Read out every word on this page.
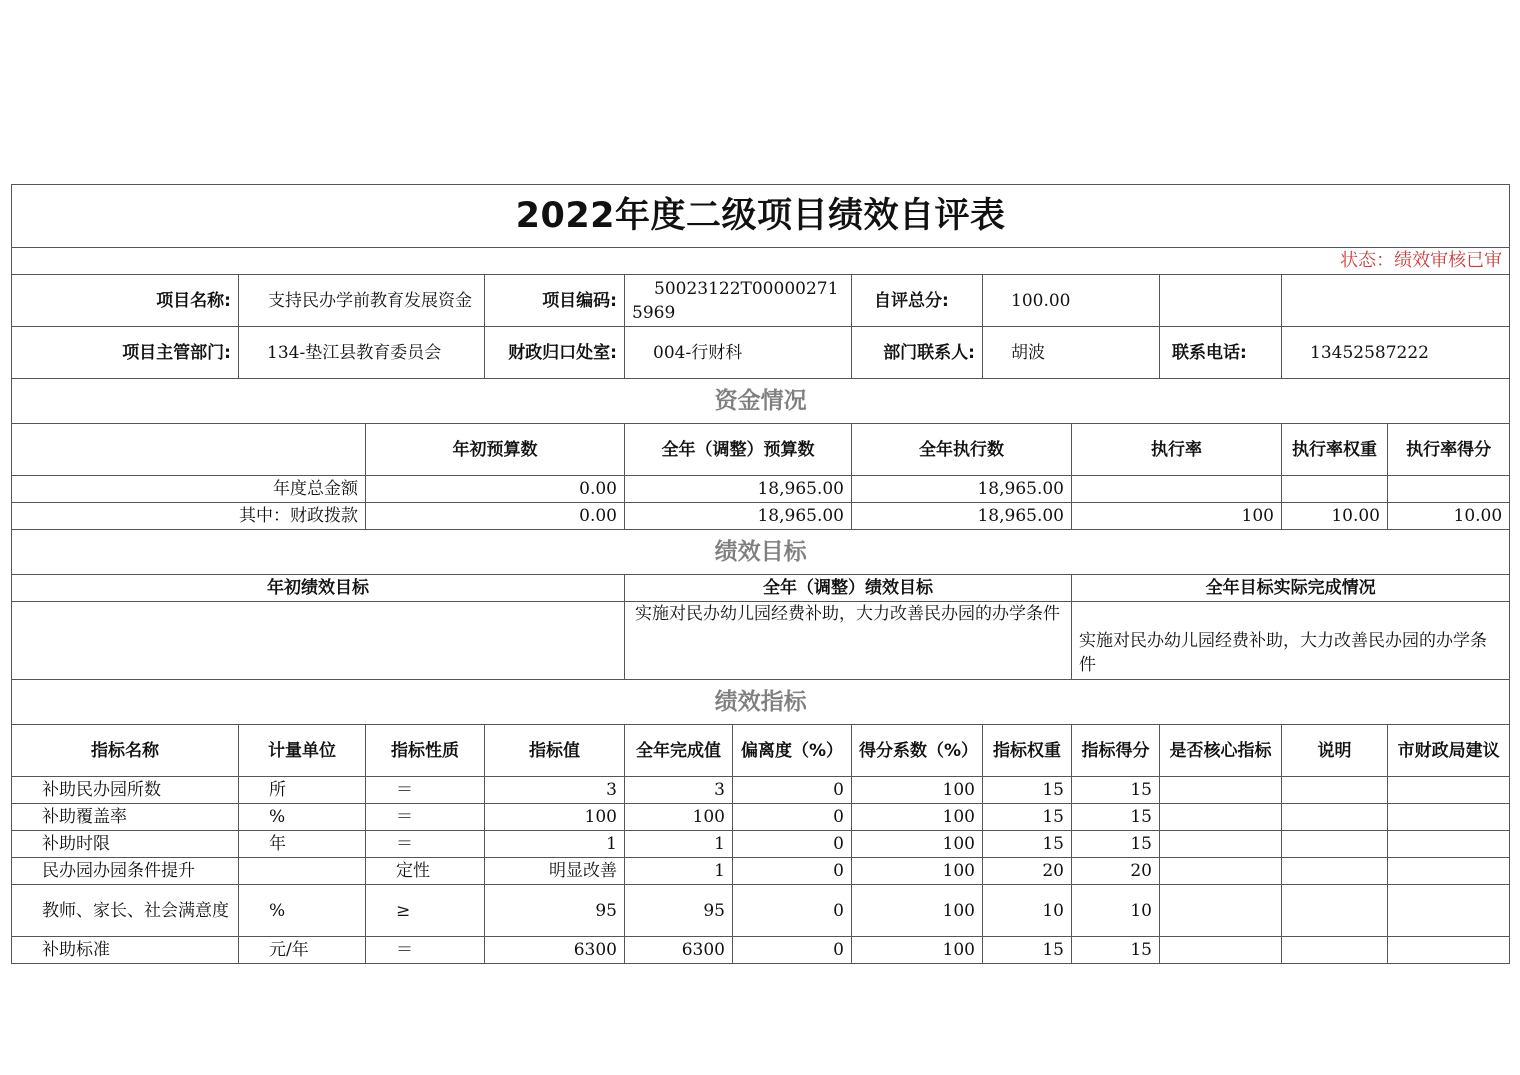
2022年度二级项目绩效自评表											
状态：绩效审核已审											
项目名称:	支持民办学前教育发展资金		项目编码:	50023122T000002715969		自评总分:	100.00				
项目主管部门:	134-垫江县教育委员会		财政归口处室:	004-行财科		部门联系人:	胡波		联系电话:	13452587222	
资金情况											
		年初预算数		全年（调整）预算数		全年执行数		执行率		执行率权重	执行率得分
年度总金额		0.00		18,965.00		18,965.00					
其中：财政拨款		0.00		18,965.00		18,965.00		100		10.00	10.00
绩效目标											
年初绩效目标				全年（调整）绩效目标				全年目标实际完成情况			
				实施对民办幼儿园经费补助，大力改善民办园的办学条件				实施对民办幼儿园经费补助，大力改善民办园的办学条件			
绩效指标											
指标名称	计量单位	指标性质	指标值	全年完成值	偏离度（%）	得分系数（%）	指标权重	指标得分	是否核心指标	说明	市财政局建议
补助民办园所数	所	＝	3	3	0	100	15	15			
补助覆盖率	%	＝	100	100	0	100	15	15			
补助时限	年	＝	1	1	0	100	15	15			
民办园办园条件提升		定性	明显改善	1	0	100	20	20			
教师、家长、社会满意度	%	≥	95	95	0	100	10	10			
补助标准	元/年	＝	6300	6300	0	100	15	15			
